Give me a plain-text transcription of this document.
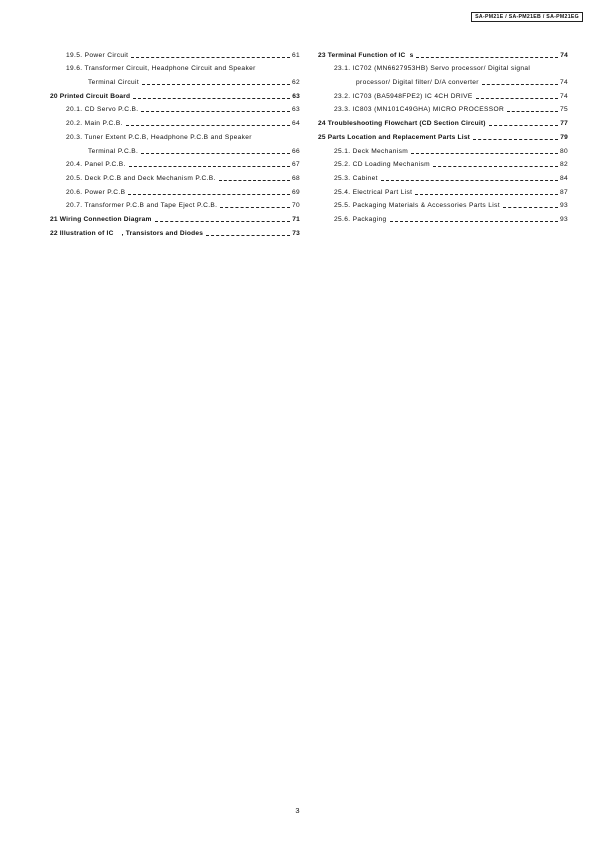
SA-PM21E / SA-PM21EB / SA-PM21EG
19.5. Power Circuit	61
19.6. Transformer Circuit, Headphone Circuit and Speaker
Terminal Circuit	62
20 Printed Circuit Board	63
20.1. CD Servo P.C.B.	63
20.2. Main P.C.B.	64
20.3. Tuner Extent P.C.B, Headphone P.C.B and Speaker
Terminal P.C.B.	66
20.4. Panel P.C.B.	67
20.5. Deck P.C.B and Deck Mechanism P.C.B.	68
20.6. Power P.C.B	69
20.7. Transformer P.C.B and Tape Eject P.C.B.	70
21 Wiring Connection Diagram	71
22 Illustration of IC    , Transistors and Diodes	73
23 Terminal Function of IC  s	74
23.1. IC702 (MN6627953HB) Servo processor/ Digital signal
processor/ Digital filter/ D/A converter	74
23.2. IC703 (BA5948FPE2) IC 4CH DRIVE	74
23.3. IC803 (MN101C49GHA) MICRO PROCESSOR	75
24 Troubleshooting Flowchart (CD Section Circuit)	77
25 Parts Location and Replacement Parts List	79
25.1. Deck Mechanism	80
25.2. CD Loading Mechanism	82
25.3. Cabinet	84
25.4. Electrical Part List	87
25.5. Packaging Materials & Accessories Parts List	93
25.6. Packaging	93
3
